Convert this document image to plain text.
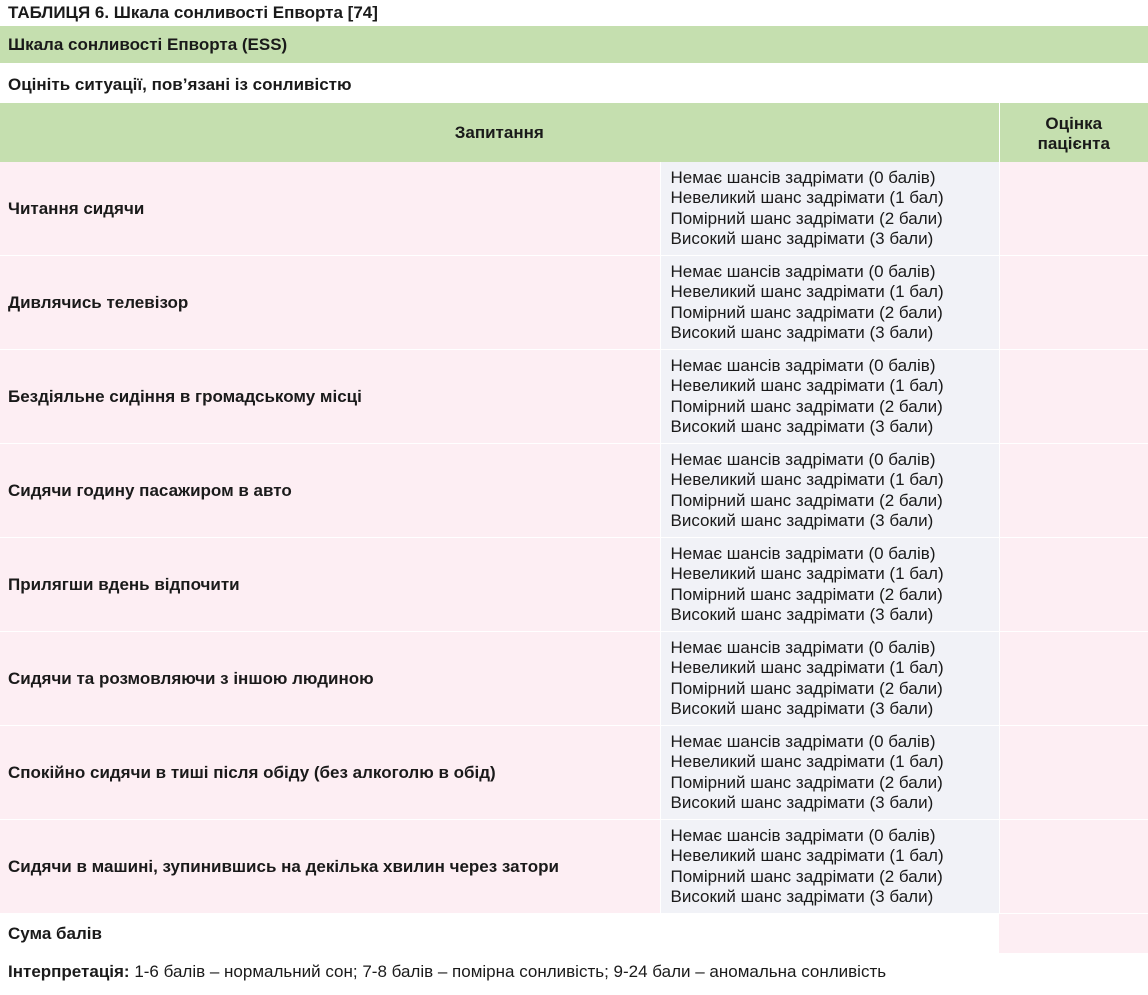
ТАБЛИЦЯ 6. Шкала сонливості Епворта [74]
Шкала сонливості Епворта (ESS)
Оцініть ситуації, пов’язані із сонливістю
Запитання		Оцінка
пацієнта
Читання сидячи	Немає шансів задрімати (0 балів)
Невеликий шанс задрімати (1 бал)
Помірний шанс задрімати (2 бали)
Високий шанс задрімати (3 бали)	

Дивлячись телевізор	Немає шансів задрімати (0 балів)
Невеликий шанс задрімати (1 бал)
Помірний шанс задрімати (2 бали)
Високий шанс задрімати (3 бали)	

Бездіяльне сидіння в громадському місці	Немає шансів задрімати (0 балів)
Невеликий шанс задрімати (1 бал)
Помірний шанс задрімати (2 бали)
Високий шанс задрімати (3 бали)	

Сидячи годину пасажиром в авто	Немає шансів задрімати (0 балів)
Невеликий шанс задрімати (1 бал)
Помірний шанс задрімати (2 бали)
Високий шанс задрімати (3 бали)	

Прилягши вдень відпочити	Немає шансів задрімати (0 балів)
Невеликий шанс задрімати (1 бал)
Помірний шанс задрімати (2 бали)
Високий шанс задрімати (3 бали)	

Сидячи та розмовляючи з іншою людиною	Немає шансів задрімати (0 балів)
Невеликий шанс задрімати (1 бал)
Помірний шанс задрімати (2 бали)
Високий шанс задрімати (3 бали)	

Спокійно сидячи в тиші після обіду (без алкоголю в обід)	Немає шансів задрімати (0 балів)
Невеликий шанс задрімати (1 бал)
Помірний шанс задрімати (2 бали)
Високий шанс задрімати (3 бали)	

Сидячи в машині, зупинившись на декілька хвилин через затори	Немає шансів задрімати (0 балів)
Невеликий шанс задрімати (1 бал)
Помірний шанс задрімати (2 бали)
Високий шанс задрімати (3 бали)	

Сума балів		
Інтерпретація: 1-6 балів – нормальний сон; 7-8 балів – помірна сонливість; 9-24 бали – аномальна сонливість
